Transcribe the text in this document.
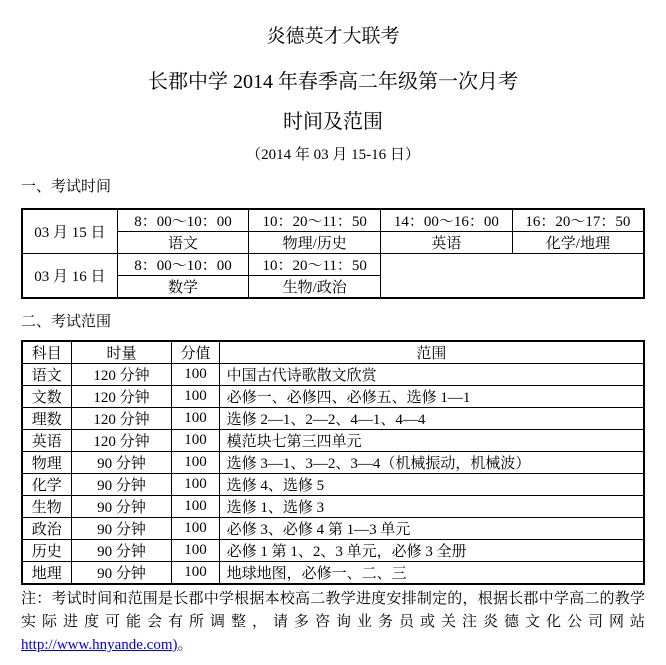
炎德英才大联考
长郡中学 2014 年春季高二年级第一次月考
时间及范围
（2014 年 03 月 15-16 日）
一、考试时间
03 月 15 日	8：00～10：00	10：20～11：50	14：00～16：00	16：20～17：50
	语文	物理/历史	英语	化学/地理
03 月 16 日	8：00～10：00	10：20～11：50		
	数学	生物/政治		
二、考试范围
科目	时量	分值	范围
语文	120 分钟	100	中国古代诗歌散文欣赏
文数	120 分钟	100	必修一、必修四、必修五、选修 1—1
理数	120 分钟	100	选修 2—1、2—2、4—1、4—4
英语	120 分钟	100	模范块七第三四单元
物理	90 分钟	100	选修 3—1、3—2、3—4（机械振动，机械波）
化学	90 分钟	100	选修 4、选修 5
生物	90 分钟	100	选修 1、选修 3
政治	90 分钟	100	必修 3、必修 4 第 1—3 单元
历史	90 分钟	100	必修 1 第 1、2、3 单元，必修 3 全册
地理	90 分钟	100	地球地图，必修一、二、三

注：考试时间和范围是长郡中学根据本校高二教学进度安排制定的，根据长郡中学高二的教学实际进度可能会有所调整，请多咨询业务员或关注炎德文化公司网站 http://www.hnyande.com)。
